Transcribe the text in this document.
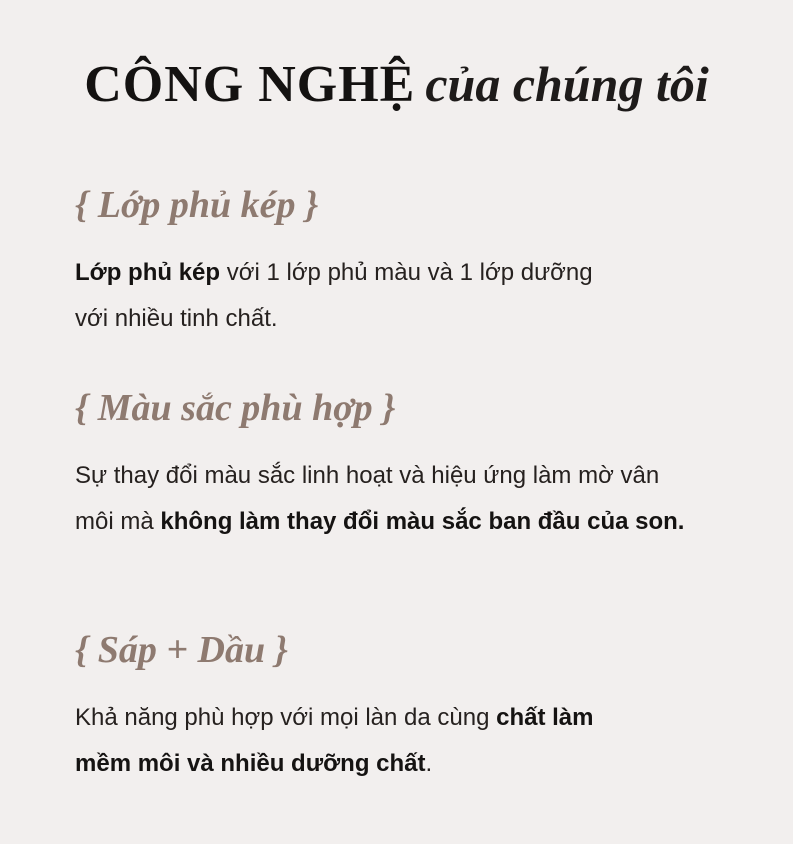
CÔNG NGHỆ của chúng tôi
{ Lớp phủ kép }

Lớp phủ kép với 1 lớp phủ màu và 1 lớp dưỡng
với nhiều tinh chất.

{ Màu sắc phù hợp }

Sự thay đổi màu sắc linh hoạt và hiệu ứng làm mờ vân
môi mà không làm thay đổi màu sắc ban đầu của son.

{ Sáp + Dầu }

Khả năng phù hợp với mọi làn da cùng chất làm
mềm môi và nhiều dưỡng chất.
